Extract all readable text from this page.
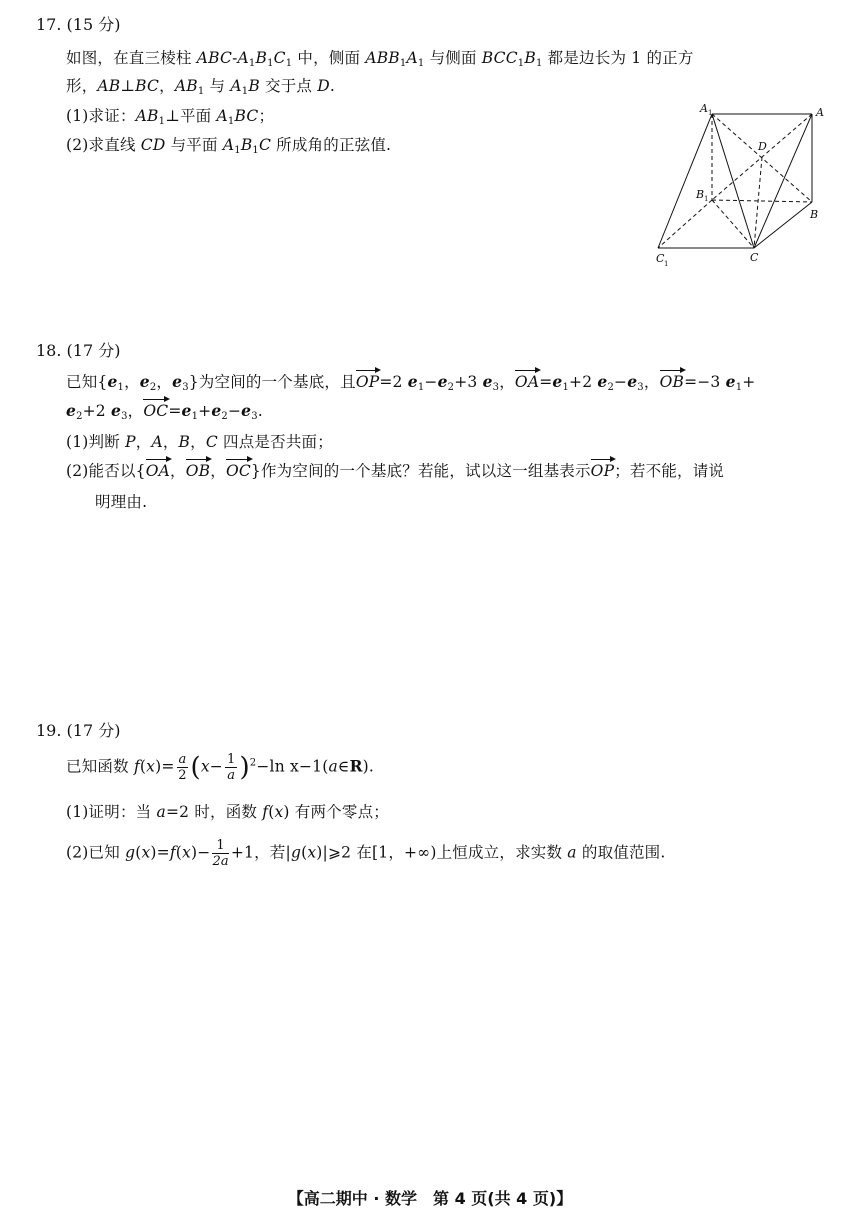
17. (15 分)
如图，在直三棱柱 ABC-$A_1B_1C_1$ 中，侧面 $ABB_1A_1$ 与侧面 $BCC_1B_1$ 都是边长为 1 的正方
形，AB⊥BC，$AB_1$ 与 $A_1B$ 交于点 D.
(1)求证：$AB_1\perp$平面 $A_1BC$；
(2)求直线 CD 与平面 $A_1B_1C$ 所成角的正弦值.
A 1	A
D
B 1
B
C 1	C
18. (17 分)
已知{$e_1$，$e_2$，$e_3$}为空间的一个基底，且OP=2 $e_1-e_2+3$ $e_3$，$OA=e_1+2$ $e_2-e_3$，OB=−3 $e_1+$
$e_2+2$ $e_3$，$OC=e_1+e_2-e_3$.
(1)判断 P，A，B，C 四点是否共面；
(2)能否以{OA，OB，OC}作为空间的一个基底？若能，试以这一组基表示OP；若不能，请说
明理由.
19. (17 分)
已知函数 $f(x)= \frac{a}{2} (x- \frac{1}{a} )^2-\ln$ x−1(a∈R).
(1)证明：当 a=2 时，函数 f(x) 有两个零点；
(2)已知 $g(x)=f(x)- \frac{1}{2a} +1$，若|g(x)|⩾2 在[1，+∞)上恒成立，求实数 a 的取值范围.
【高二期中 · 数学　第 4 页(共 4 页)】
